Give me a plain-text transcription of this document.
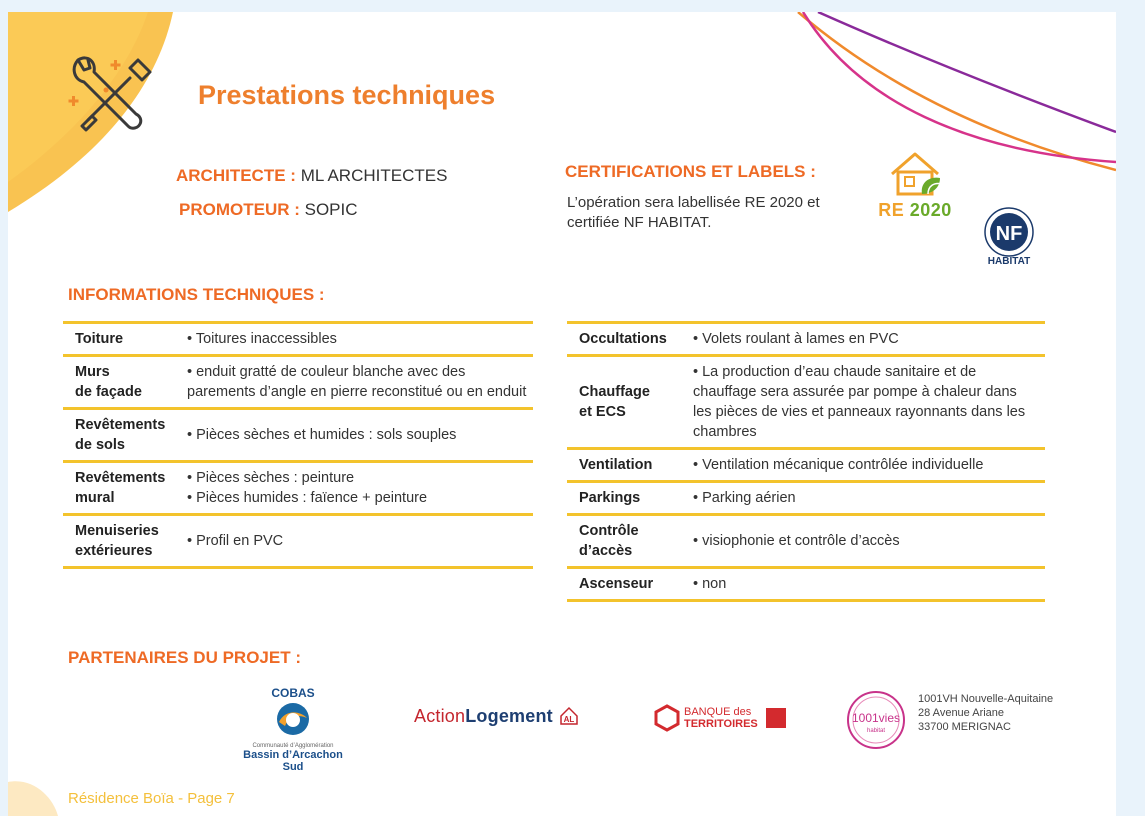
Prestations techniques
ARCHITECTE : ML ARCHITECTES
PROMOTEUR : SOPIC
CERTIFICATIONS ET LABELS :
L’opération sera labellisée RE 2020 et certifiée NF HABITAT.
RE 2020
NF
HABITAT
INFORMATIONS TECHNIQUES :
Toiture	• Toitures inaccessibles
Murs
de façade	• enduit gratté de couleur blanche avec des parements d’angle en pierre reconstitué ou en enduit
Revêtements
de sols	• Pièces sèches et humides : sols souples
Revêtements
mural	• Pièces sèches : peinture
• Pièces humides : faïence + peinture
Menuiseries
extérieures	• Profil en PVC
Occultations	• Volets roulant à lames en PVC
Chauffage
et ECS	• La production d’eau chaude sanitaire et de chauffage sera assurée par pompe à chaleur dans les pièces de vies et panneaux rayonnants dans les chambres
Ventilation	• Ventilation mécanique contrôlée individuelle
Parkings	• Parking aérien
Contrôle
d’accès	• visiophonie et contrôle d’accès
Ascenseur	• non
PARTENAIRES DU PROJET :
COBAS
Communauté d’Agglomération
Bassin d’Arcachon Sud
ActionLogement AL
BANQUE des
TERRITOIRES	1001vies
habitat
1001VH Nouvelle-Aquitaine
28 Avenue Ariane
33700 MERIGNAC
Résidence Boïa - Page 7
